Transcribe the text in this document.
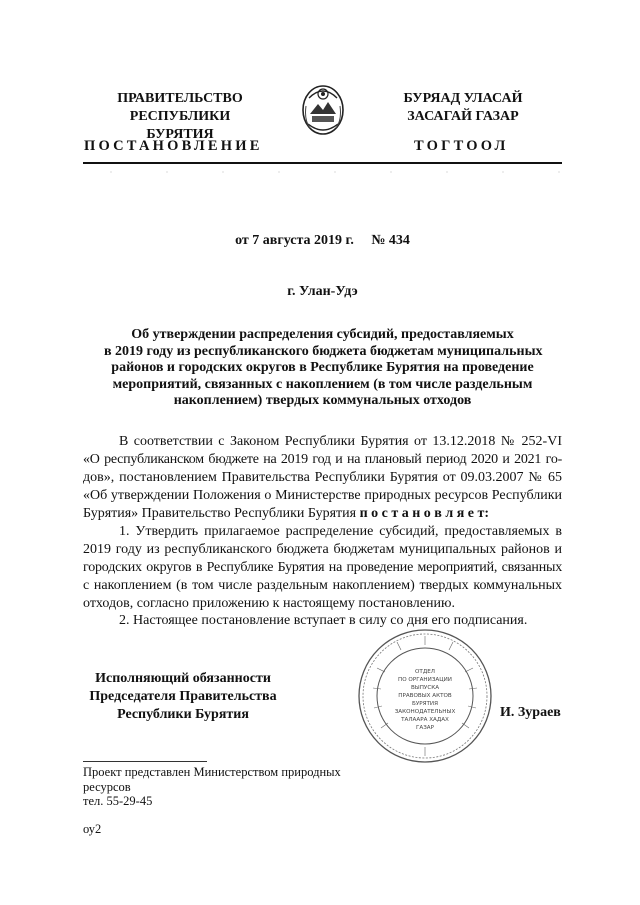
ПРАВИТЕЛЬСТВО
РЕСПУБЛИКИ БУРЯТИЯ
БУРЯАД УЛАСАЙ
ЗАСАГАЙ ГАЗАР
ПОСТАНОВЛЕНИЕ	ТОГТООЛ
от 7 августа 2019 г.     № 434
г. Улан-Удэ
Об утверждении распределения субсидий, предоставляемых
в 2019 году из республиканского бюджета бюджетам муниципальных
районов и городских округов в Республике Бурятия на проведение
мероприятий, связанных с накоплением (в том числе раздельным
накоплением) твердых коммунальных отходов
В соответствии с Законом Республики Бурятия от 13.12.2018 № 252-VI
«О республиканском бюджете на 2019 год и на плановый период 2020 и 2021 го-
дов», постановлением Правительства Республики Бурятия от 09.03.2007 № 65
«Об утверждении Положения о Министерстве природных ресурсов Республики
Бурятия» Правительство Республики Бурятия п о с т а н о в л я е т:
1. Утвердить прилагаемое распределение субсидий, предоставляемых в
2019 году из республиканского бюджета бюджетам муниципальных районов и
городских округов в Республике Бурятия на проведение мероприятий, связанных
с накоплением (в том числе раздельным накоплением) твердых коммунальных
отходов, согласно приложению к настоящему постановлению.
2. Настоящее постановление вступает в силу со дня его подписания.
Исполняющий обязанности
Председателя Правительства
Республики Бурятия
ОТДЕЛ
ПО ОРГАНИЗАЦИИ
ВЫПУСКА
ПРАВОВЫХ АКТОВ
БУРЯТИЯ
ЗАКОНОДАТЕЛЬНЫХ
ТАЛААРА ХАДАХ
ГАЗАР
И. Зураев
Проект представлен Министерством природных
ресурсов
тел. 55-29-45
оу2
